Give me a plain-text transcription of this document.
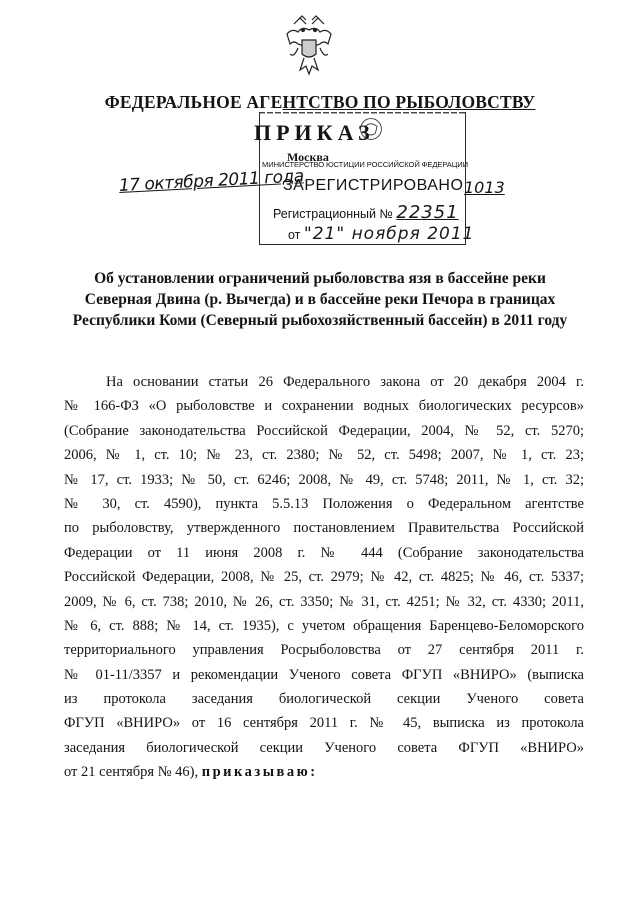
ФЕДЕРАЛЬНОЕ АГЕНТСТВО ПО РЫБОЛОВСТВУ
ПРИКАЗ
Москва
МИНИСТЕРСТВО ЮСТИЦИИ РОССИЙСКОЙ ФЕДЕРАЦИИ
ЗАРЕГИСТРИРОВАНО
Регистрационный № 22351
от "21" ноября 2011
17 октября 2011 года	1013
Об установлении ограничений рыболовства язя в бассейне реки
Северная Двина (р. Вычегда) и в бассейне реки Печора в границах
Республики Коми (Северный рыбохозяйственный бассейн) в 2011 году
На основании статьи 26 Федерального закона от 20 декабря 2004 г.
№ 166-ФЗ «О рыболовстве и сохранении водных биологических ресурсов»
(Собрание законодательства Российской Федерации, 2004, № 52, ст. 5270;
2006, № 1, ст. 10; № 23, ст. 2380; № 52, ст. 5498; 2007, № 1, ст. 23;
№ 17, ст. 1933; № 50, ст. 6246; 2008, № 49, ст. 5748; 2011, № 1, ст. 32;
№ 30, ст. 4590), пункта 5.5.13 Положения о Федеральном агентстве
по рыболовству, утвержденного постановлением Правительства Российской
Федерации от 11 июня 2008 г. № 444 (Собрание законодательства
Российской Федерации, 2008, № 25, ст. 2979; № 42, ст. 4825; № 46, ст. 5337;
2009, № 6, ст. 738; 2010, № 26, ст. 3350; № 31, ст. 4251; № 32, ст. 4330; 2011,
№ 6, ст. 888; № 14, ст. 1935), с учетом обращения Баренцево-Беломорского
территориального управления Росрыболовства от 27 сентября 2011 г.
№ 01-11/3357 и рекомендации Ученого совета ФГУП «ВНИРО» (выписка
из протокола заседания биологической секции Ученого совета
ФГУП «ВНИРО» от 16 сентября 2011 г. № 45, выписка из протокола
заседания биологической секции Ученого совета ФГУП «ВНИРО»
от 21 сентября № 46), приказываю:
